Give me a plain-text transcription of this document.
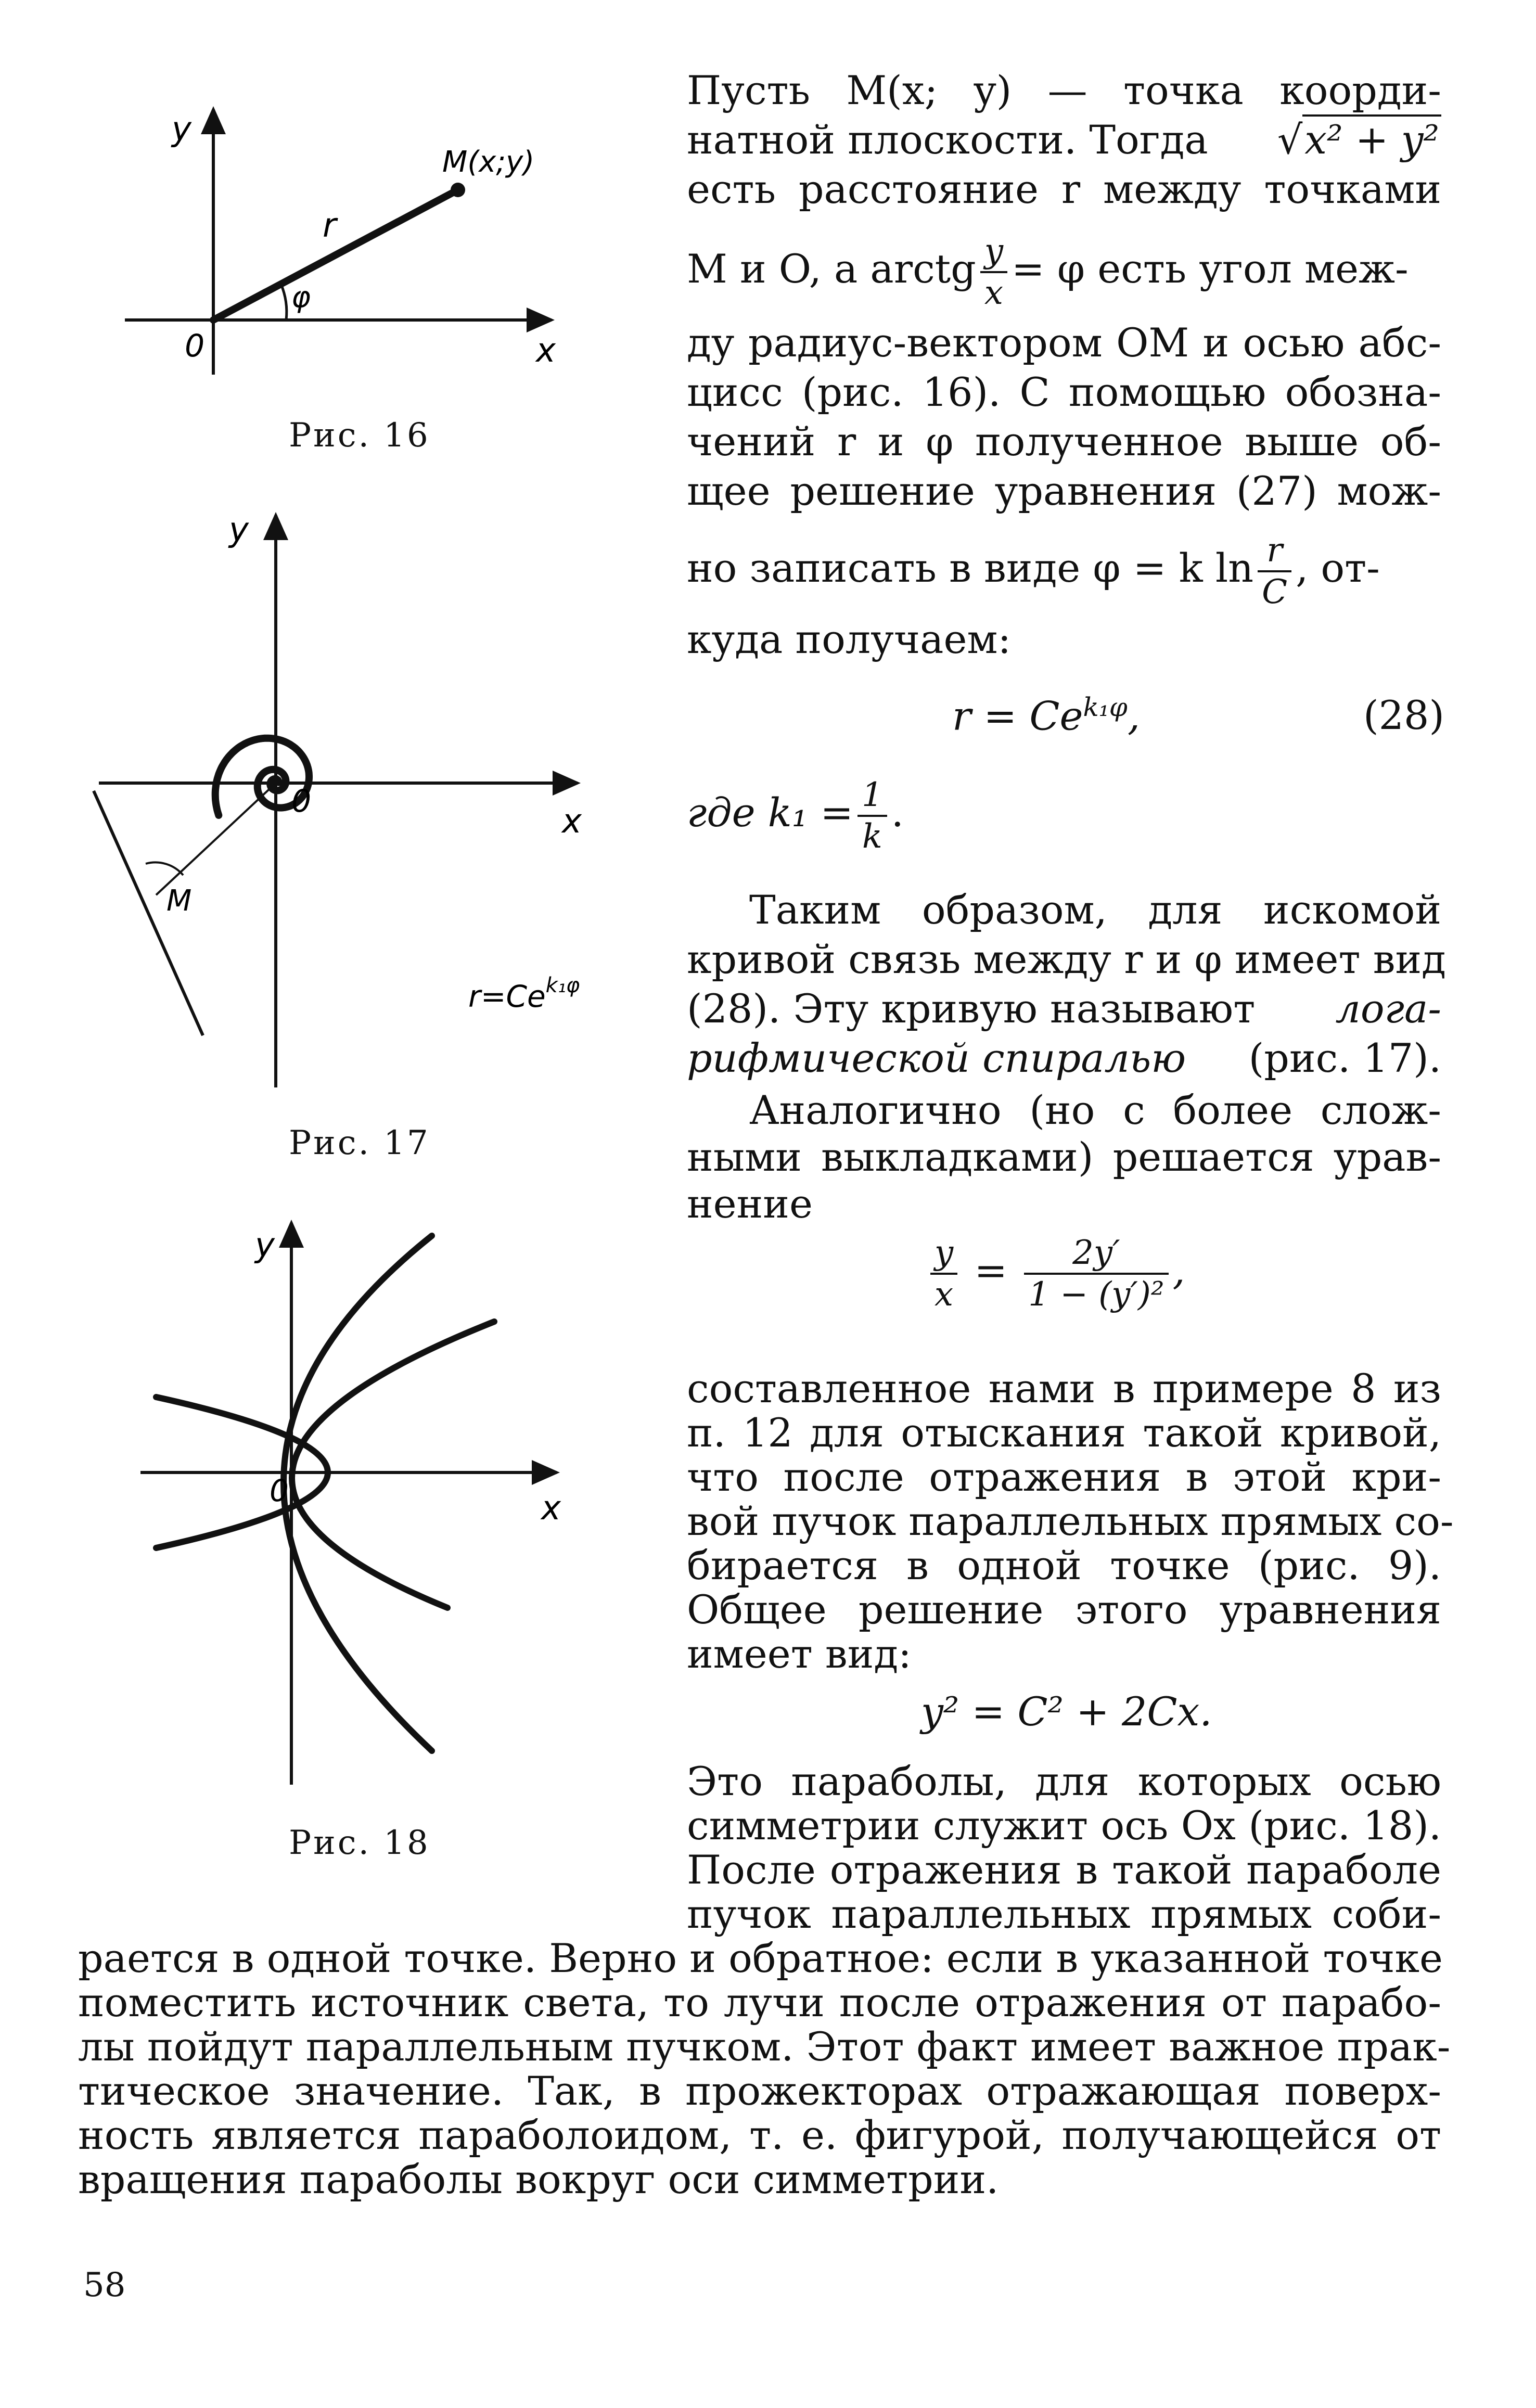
y
M(x;y)
r
φ
0	x
Рис. 16
y
0
x
M
$r=Ce^{k_1\varphi}$
Рис. 17
y
0	x
Рис. 18
Пусть M(x; y) — точка коорди-
натной плоскости. Тогда √x² + y²
есть расстояние r между точками
M и O, а arctg $\frac{y}{x} = \varphi$ есть угол меж-
ду радиус-вектором OM и осью абс-
цисс (рис. 16). С помощью обозна-
чений r и φ полученное выше об-
щее решение уравнения (27) мож-
но записать в виде φ = k $\ln \frac{r}{C}$ , от-
куда получаем:
$r = Ce^{k_1\varphi}$,	(28)
где $k_1 = \frac{1}{k}$ .
Таким образом, для искомой
кривой связь между r и φ имеет вид
(28). Эту кривую называют лога-
рифмической спиралью (рис. 17).
Аналогично (но с более слож-
ными выкладками) решается урав-
нение
$\frac{y}{x} = \frac{2y'}{\text{1 − (y′)²}}$ ,
составленное нами в примере 8 из
п. 12 для отыскания такой кривой,
что после отражения в этой кри-
вой пучок параллельных прямых со-
бирается в одной точке (рис. 9).
Общее решение этого уравнения
имеет вид:
y² = C² + 2Cx.
Это параболы, для которых осью
симметрии служит ось Ox (рис. 18).
После отражения в такой параболе
пучок параллельных прямых соби-
рается в одной точке. Верно и обратное: если в указанной точке
поместить источник света, то лучи после отражения от парабо-
лы пойдут параллельным пучком. Этот факт имеет важное прак-
тическое значение. Так, в прожекторах отражающая поверх-
ность является параболоидом, т. е. фигурой, получающейся от
вращения параболы вокруг оси симметрии.
58
